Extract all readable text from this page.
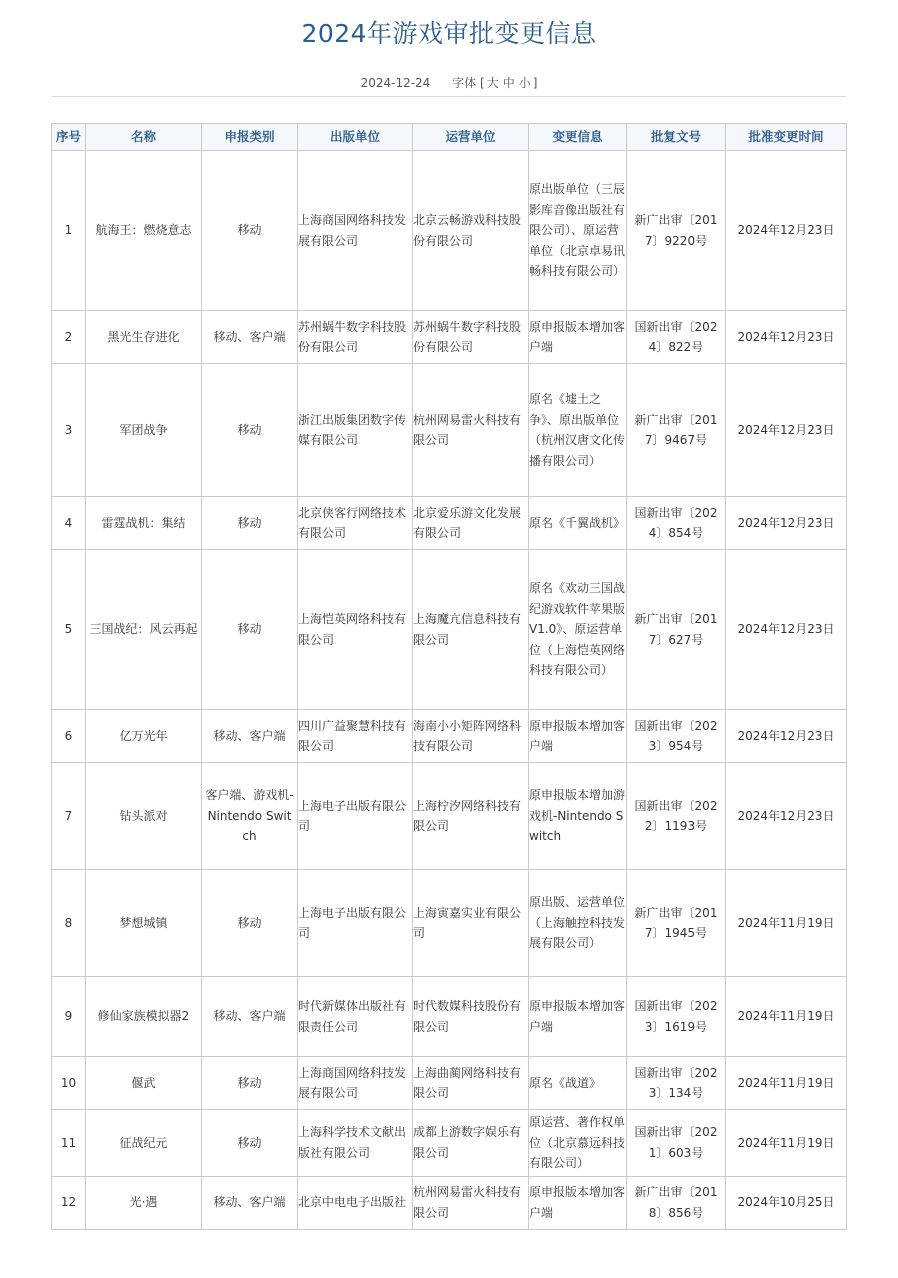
2024年游戏审批变更信息
2024-12-24 字体 [ 大 中 小 ]
序号	名称	申报类别	出版单位	运营单位	变更信息	批复文号	批准变更时间
1	航海王：燃烧意志	移动	上海商国网络科技发展有限公司	北京云畅游戏科技股份有限公司	原出版单位（三辰影库音像出版社有限公司）、原运营单位（北京卓易讯畅科技有限公司）	新广出审〔2017〕9220号	2024年12月23日
2	黑光生存进化	移动、客户端	苏州蜗牛数字科技股份有限公司	苏州蜗牛数字科技股份有限公司	原申报版本增加客户端	国新出审〔2024〕822号	2024年12月23日
3	军团战争	移动	浙江出版集团数字传媒有限公司	杭州网易雷火科技有限公司	原名《墟土之争》、原出版单位（杭州汉唐文化传播有限公司）	新广出审〔2017〕9467号	2024年12月23日
4	雷霆战机：集结	移动	北京侠客行网络技术有限公司	北京爱乐游文化发展有限公司	原名《千翼战机》	国新出审〔2024〕854号	2024年12月23日
5	三国战纪：风云再起	移动	上海恺英网络科技有限公司	上海魔亢信息科技有限公司	原名《欢动三国战纪游戏软件苹果版V1.0》、原运营单位（上海恺英网络科技有限公司）	新广出审〔2017〕627号	2024年12月23日
6	亿万光年	移动、客户端	四川广益聚慧科技有限公司	海南小小矩阵网络科技有限公司	原申报版本增加客户端	国新出审〔2023〕954号	2024年12月23日
7	钻头派对	客户端、游戏机-Nintendo Switch	上海电子出版有限公司	上海柠汐网络科技有限公司	原申报版本增加游戏机-Nintendo Switch	国新出审〔2022〕1193号	2024年12月23日
8	梦想城镇	移动	上海电子出版有限公司	上海寅嘉实业有限公司	原出版、运营单位（上海触控科技发展有限公司）	新广出审〔2017〕1945号	2024年11月19日
9	修仙家族模拟器2	移动、客户端	时代新媒体出版社有限责任公司	时代数媒科技股份有限公司	原申报版本增加客户端	国新出审〔2023〕1619号	2024年11月19日
10	偃武	移动	上海商国网络科技发展有限公司	上海曲蔺网络科技有限公司	原名《战道》	国新出审〔2023〕134号	2024年11月19日
11	征战纪元	移动	上海科学技术文献出版社有限公司	成都上游数字娱乐有限公司	原运营、著作权单位（北京慕远科技有限公司）	国新出审〔2021〕603号	2024年11月19日
12	光·遇	移动、客户端	北京中电电子出版社	杭州网易雷火科技有限公司	原申报版本增加客户端	新广出审〔2018〕856号	2024年10月25日
